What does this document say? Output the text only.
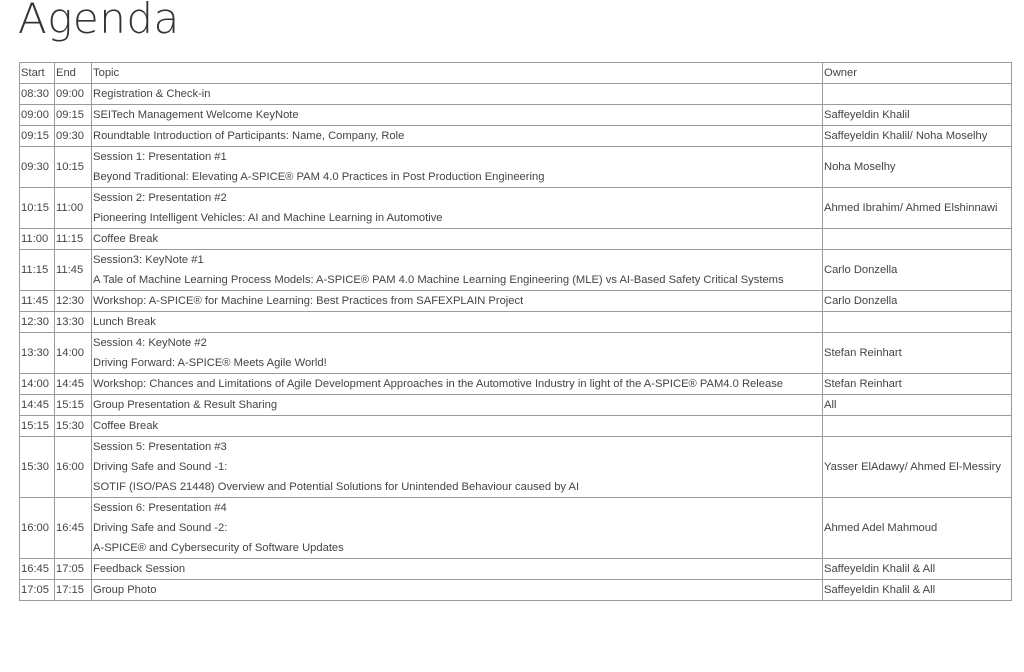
Agenda
Start	End	Topic	Owner
08:30	09:00	Registration & Check-in	

09:00	09:15	SEITech Management Welcome KeyNote	Saffeyeldin Khalil
09:15	09:30	Roundtable Introduction of Participants: Name, Company, Role	Saffeyeldin Khalil/ Noha Moselhy
09:30	10:15	Session 1: Presentation #1
Beyond Traditional: Elevating A-SPICE® PAM 4.0 Practices in Post Production Engineering	Noha Moselhy
10:15	11:00	Session 2: Presentation #2
Pioneering Intelligent Vehicles: AI and Machine Learning in Automotive	Ahmed Ibrahim/ Ahmed Elshinnawi
11:00	11:15	Coffee Break	

11:15	11:45	Session3: KeyNote #1
A Tale of Machine Learning Process Models: A-SPICE® PAM 4.0 Machine Learning Engineering (MLE) vs AI-Based Safety Critical Systems	Carlo Donzella
11:45	12:30	Workshop: A-SPICE® for Machine Learning: Best Practices from SAFEXPLAIN Project	Carlo Donzella
12:30	13:30	Lunch Break	

13:30	14:00	Session 4: KeyNote #2
Driving Forward: A-SPICE® Meets Agile World!	Stefan Reinhart
14:00	14:45	Workshop: Chances and Limitations of Agile Development Approaches in the Automotive Industry in light of the A-SPICE® PAM4.0 Release	Stefan Reinhart
14:45	15:15	Group Presentation & Result Sharing	All
15:15	15:30	Coffee Break	

15:30	16:00	Session 5: Presentation #3
Driving Safe and Sound -1:
SOTIF (ISO/PAS 21448) Overview and Potential Solutions for Unintended Behaviour caused by AI	Yasser ElAdawy/ Ahmed El-Messiry
16:00	16:45	Session 6: Presentation #4
Driving Safe and Sound -2:
A-SPICE® and Cybersecurity of Software Updates	Ahmed Adel Mahmoud
16:45	17:05	Feedback Session	Saffeyeldin Khalil & All
17:05	17:15	Group Photo	Saffeyeldin Khalil & All
